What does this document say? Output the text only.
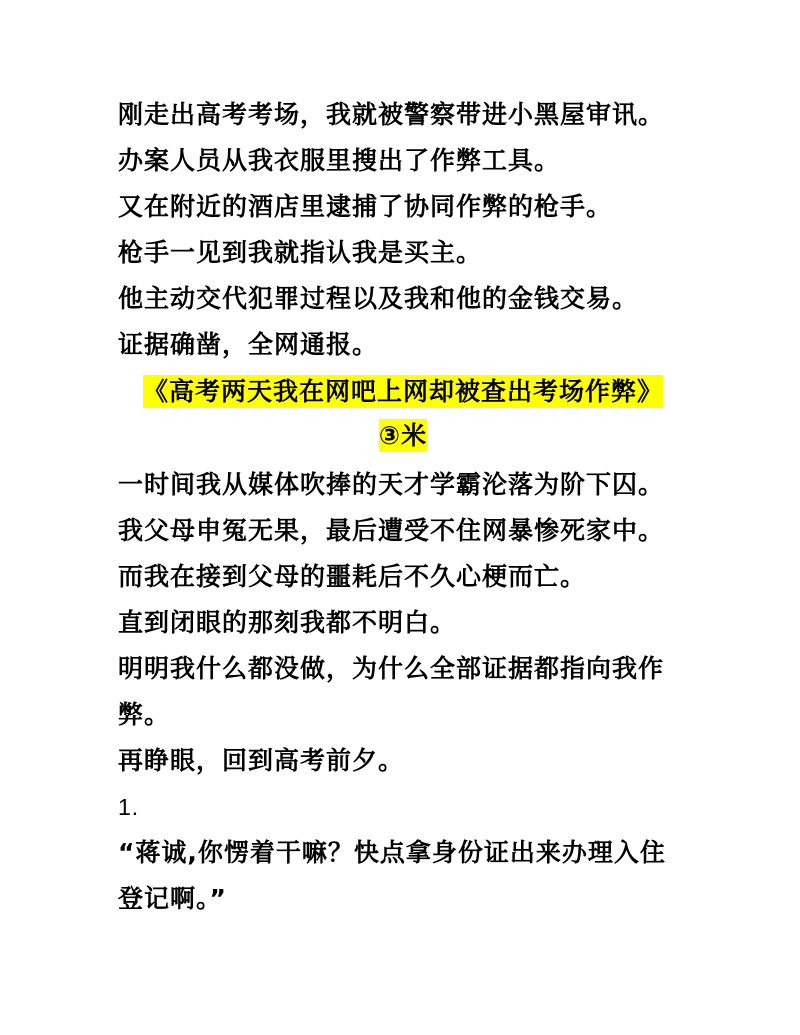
刚走出高考考场，我就被警察带进小黑屋审讯。
办案人员从我衣服里搜出了作弊工具。
又在附近的酒店里逮捕了协同作弊的枪手。
枪手一见到我就指认我是买主。
他主动交代犯罪过程以及我和他的金钱交易。
证据确凿，全网通报。
《高考两天我在网吧上网却被查出考场作弊》
③米
一时间我从媒体吹捧的天才学霸沦落为阶下囚。
我父母申冤无果，最后遭受不住网暴惨死家中。
而我在接到父母的噩耗后不久心梗而亡。
直到闭眼的那刻我都不明白。
明明我什么都没做，为什么全部证据都指向我作弊。
再睁眼，回到高考前夕。
1.
“蒋诚,你愣着干嘛？快点拿身份证出来办理入住登记啊。”
